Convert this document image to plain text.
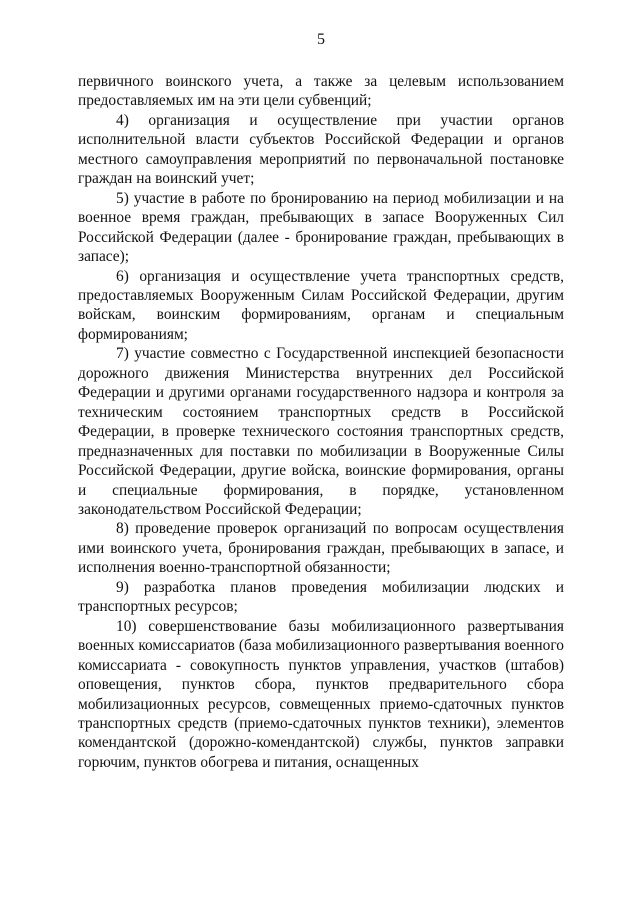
5

первичного воинского учета, а также за целевым использованием предоставляемых им на эти цели субвенций;

4) организация и осуществление при участии органов исполнительной власти субъектов Российской Федерации и органов местного самоуправления мероприятий по первоначальной постановке граждан на воинский учет;

5) участие в работе по бронированию на период мобилизации и на военное время граждан, пребывающих в запасе Вооруженных Сил Российской Федерации (далее - бронирование граждан, пребывающих в запасе);

6) организация и осуществление учета транспортных средств, предоставляемых Вооруженным Силам Российской Федерации, другим войскам, воинским формированиям, органам и специальным формированиям;

7) участие совместно с Государственной инспекцией безопасности дорожного движения Министерства внутренних дел Российской Федерации и другими органами государственного надзора и контроля за техническим состоянием транспортных средств в Российской Федерации, в проверке технического состояния транспортных средств, предназначенных для поставки по мобилизации в Вооруженные Силы Российской Федерации, другие войска, воинские формирования, органы и специальные формирования, в порядке, установленном законодательством Российской Федерации;

8) проведение проверок организаций по вопросам осуществления ими воинского учета, бронирования граждан, пребывающих в запасе, и исполнения военно-транспортной обязанности;

9) разработка планов проведения мобилизации людских и транспортных ресурсов;

10) совершенствование базы мобилизационного развертывания военных комиссариатов (база мобилизационного развертывания военного комиссариата - совокупность пунктов управления, участков (штабов) оповещения, пунктов сбора, пунктов предварительного сбора мобилизационных ресурсов, совмещенных приемо-сдаточных пунктов транспортных средств (приемо-сдаточных пунктов техники), элементов комендантской (дорожно-комендантской) службы, пунктов заправки горючим, пунктов обогрева и питания, оснащенных
